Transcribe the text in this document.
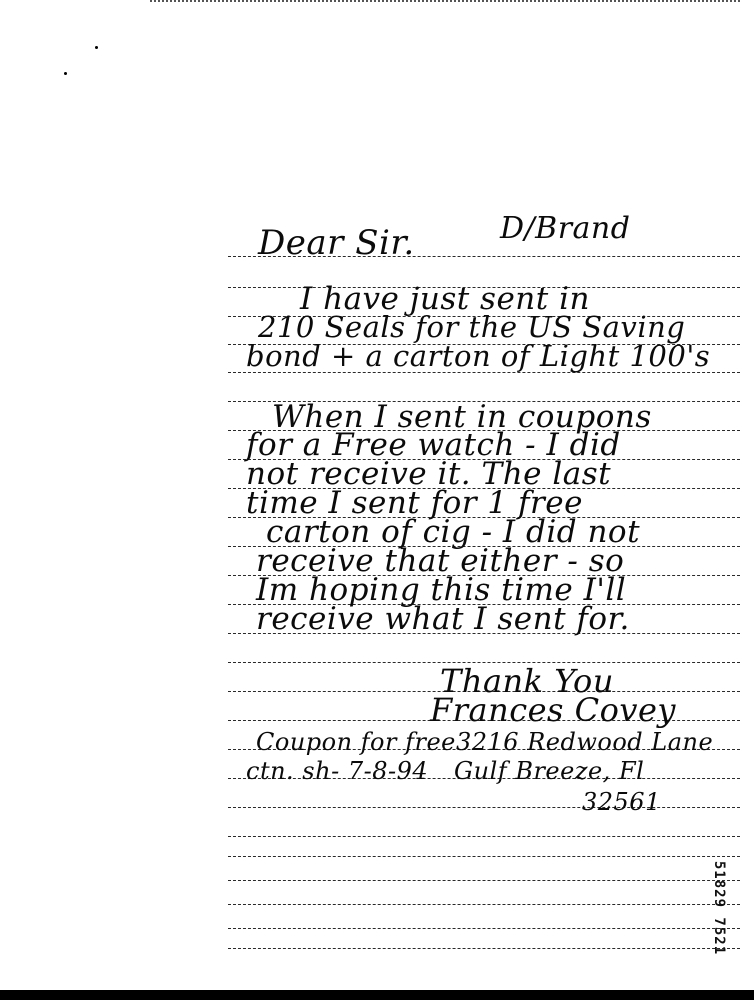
Dear Sir.	D/Brand
I have just sent in
210 Seals for the US Saving
bond + a carton of Light 100's
When I sent in coupons
for a Free watch - I did
not receive it. The last
time I sent for 1 free
carton of cig - I did not
receive that either - so
Im hoping this time I'll
receive what I sent for.
Thank You
Frances Covey
Coupon for free
ctn. sh- 7-8-94
3216 Redwood Lane
Gulf Breeze, Fl
32561
51829 7521
